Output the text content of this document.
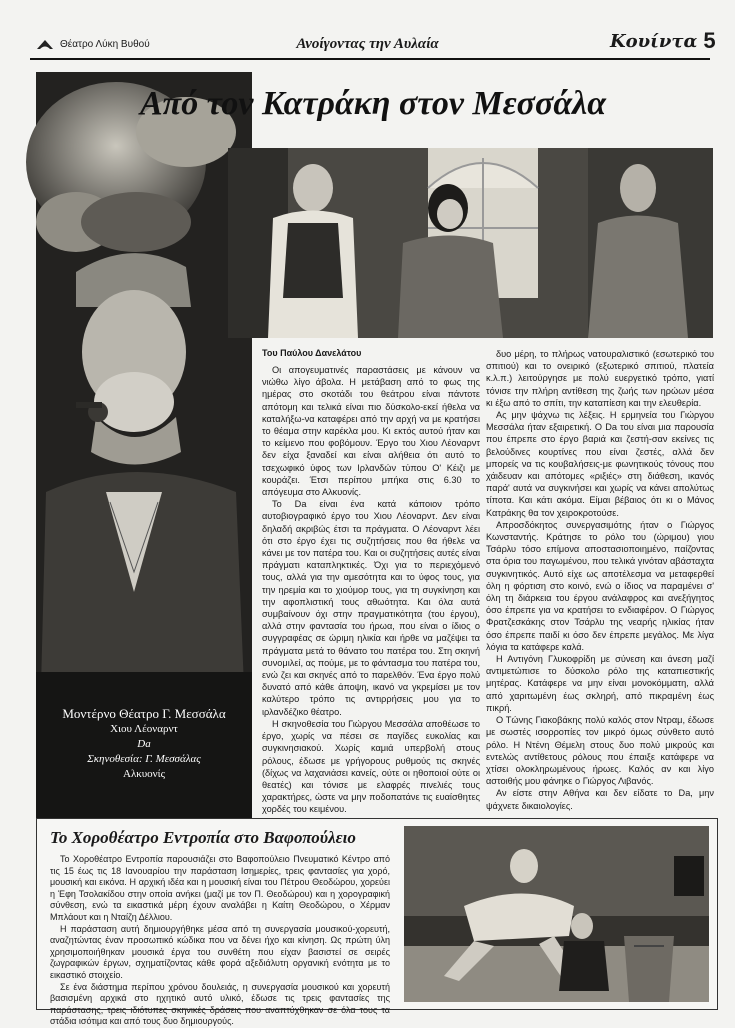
Θέατρο Λύκη Βυθού	Ανοίγοντας την Αυλαία	Κουίντα 5
Μοντέρνο Θέατρο Γ. Μεσσάλα
Χιου Λέοναρντ
Da
Σκηνοθεσία: Γ. Μεσσάλας
Αλκυονίς
Από τον Κατράκη στον Μεσσάλα
Του Παύλου Δανελάτου

Οι απογευματινές παραστάσεις με κάνουν να νιώθω λίγο άβολα. Η μετάβαση από το φως της ημέρας στο σκοτάδι του θεάτρου είναι πάντοτε απότομη και τελικά είναι πιο δύσκολο-εκεί ήθελα να καταλήξω-να καταφέρει από την αρχή να με κρατήσει το θέαμα στην καρέκλα μου. Κι εκτός αυτού ήταν και το κείμενο που φοβόμουν. Έργο του Χιου Λέοναρντ δεν είχα ξαναδεί και είναι αλήθεια ότι αυτό το τσεχωφικό ύφος των Ιρλανδών τύπου Ο' Κέιζι με κουράζει. Έτσι περίπου μπήκα στις 6.30 το απόγευμα στο Αλκυονίς.

Το Da είναι ένα κατά κάποιον τρόπο αυτοβιογραφικό έργο του Χιου Λέοναρντ. Δεν είναι δηλαδή ακριβώς έτσι τα πράγματα. Ο Λέοναρντ λέει ότι στο έργο έχει τις συζητήσεις που θα ήθελε να κάνει με τον πατέρα του. Και οι συζητήσεις αυτές είναι πράγματι καταπληκτικές. Όχι για το περιεχόμενό τους, αλλά για την αμεσότητα και το ύφος τους, για την ηρεμία και το χιούμορ τους, για τη συγκίνηση και την αφοπλιστική τους αθωότητα. Και όλα αυτά συμβαίνουν όχι στην πραγματικότητα (του έργου), αλλά στην φαντασία του ήρωα, που είναι ο ίδιος ο συγγραφέας σε ώριμη ηλικία και ήρθε να μαζέψει τα πράγματα μετά το θάνατο του πατέρα του. Στη σκηνή συνομιλεί, ας πούμε, με το φάντασμα του πατέρα του, ενώ ζει και σκηνές από το παρελθόν. Ένα έργο πολύ δυνατό από κάθε άποψη, ικανό να γκρεμίσει με τον καλύτερο τρόπο τις αντιρρήσεις μου για το ιρλανδέζικο θέατρο.

Η σκηνοθεσία του Γιώργου Μεσσάλα αποθέωσε το έργο, χωρίς να πέσει σε παγίδες ευκολίας και συγκινησιακού. Χωρίς καμιά υπερβολή στους ρόλους, έδωσε με γρήγορους ρυθμούς τις σκηνές (δίχως να λαχανιάσει κανείς, ούτε οι ηθοποιοί ούτε οι θεατές) και τόνισε με ελαφρές πινελιές τους χαρακτήρες, ώστε να μην ποδοπατάνε τις ευαίσθητες χορδές του κειμένου.

δυο μέρη, το πλήρως νατουραλιστικό (εσωτερικό του σπιτιού) και το ονειρικό (εξωτερικό σπιτιού, πλατεία κ.λ.π.) λειτούργησε με πολύ ευεργετικό τρόπο, γιατί τόνισε την πλήρη αντίθεση της ζωής των ηρώων μέσα κι έξω από το σπίτι, την καταπίεση και την ελευθερία.

Ας μην ψάχνω τις λέξεις. Η ερμηνεία του Γιώργου Μεσσάλα ήταν εξαιρετική. Ο Da του είναι μια παρουσία που έπρεπε στο έργο βαριά και ζεστή-σαν εκείνες τις βελούδινες κουρτίνες που είναι ζεστές, αλλά δεν μπορείς να τις κουβαλήσεις-με φωνητικούς τόνους που χάιδευαν και απότομες «ριξιές» στη διάθεση, ικανός παρά' αυτά να συγκινήσει και χωρίς να κάνει απολύτως τίποτα. Και κάτι ακόμα. Είμαι βέβαιος ότι κι ο Μάνος Κατράκης θα τον χειροκροτούσε.

Απροσδόκητος συνεργασιμότης ήταν ο Γιώργος Κωνσταντής. Κράτησε το ρόλο του (ώριμου) γιου Τσάρλυ τόσο επίμονα αποστασιοποιημένο, παίζοντας στα όρια του παγωμένου, που τελικά γινόταν αβάσταχτα συγκινητικός. Αυτό είχε ως αποτέλεσμα να μεταφερθεί όλη η φόρτιση στο κοινό, ενώ ο ίδιος να παραμένει σ' όλη τη διάρκεια του έργου ανάλαφρος και ανεξήγητος όσο έπρεπε για να κρατήσει το ενδιαφέρον. Ο Γιώργος Φρατζεσκάκης στον Τσάρλυ της νεαρής ηλικίας ήταν όσο έπρεπε παιδί κι όσο δεν έπρεπε μεγάλος. Με λίγα λόγια τα κατάφερε καλά.

Η Αντιγόνη Γλυκοφρίδη με σύνεση και άνεση μαζί αντιμετώπισε το δύσκολο ρόλο της καταπιεστικής μητέρας. Κατάφερε να μην είναι μονοκόμματη, αλλά από χαριτωμένη έως σκληρή, από πικραμένη έως πικρή.

Ο Τώνης Γιακοβάκης πολύ καλός στον Ντραμ, έδωσε με σωστές ισορροπίες τον μικρό όμως σύνθετο αυτό ρόλο. Η Ντένη Θέμελη στους δυο πολύ μικρούς και εντελώς αντίθετους ρόλους που έπαιξε κατάφερε να χτίσει ολοκληρωμένους ήρωες. Καλός αν και λίγο αστοιθής μου φάνηκε ο Γιώργος Λιβανός.

Αν είστε στην Αθήνα και δεν είδατε το Da, μην ψάχνετε δικαιολογίες.

Το Χοροθέατρο Εντροπία στο Βαφοπούλειο

Το Χοροθέατρο Εντροπία παρουσιάζει στο Βαφοπούλειο Πνευματικό Κέντρο από τις 15 έως τις 18 Ιανουαρίου την παράσταση Ισημερίες, τρεις φαντασίες για χορό, μουσική και εικόνα. Η αρχική ιδέα και η μουσική είναι του Πέτρου Θεοδώρου, χορεύει η Έφη Τσολακίδου στην οποία ανήκει (μαζί με τον Π. Θεοδώρου) και η χορογραφική σύνθεση, ενώ τα εικαστικά μέρη έχουν αναλάβει η Καίτη Θεοδώρου, ο Χέρμαν Μπλάουτ και η Νταίζη Δέλλιου.

Η παράσταση αυτή δημιουργήθηκε μέσα από τη συνεργασία μουσικού-χορευτή, αναζητώντας έναν προσωπικό κώδικα που να δένει ήχο και κίνηση. Ως πρώτη ύλη χρησιμοποιήθηκαν μουσικά έργα του συνθέτη που είχαν βασιστεί σε σειρές ζωγραφικών έργων, σχηματίζοντας κάθε φορά αξεδιάλυτη οργανική ενότητα με το εικαστικό στοιχείο.

Σε ένα διάστημα περίπου χρόνου δουλειάς, η συνεργασία μουσικού και χορευτή βασισμένη αρχικά στο ηχητικό αυτό υλικό, έδωσε τις τρεις φαντασίες της παράστασης, τρεις ιδιότυπες σκηνικές δράσεις που αναπτύχθηκαν σε όλα τους τα στάδια ισότιμα και από τους δυο δημιουργούς.
